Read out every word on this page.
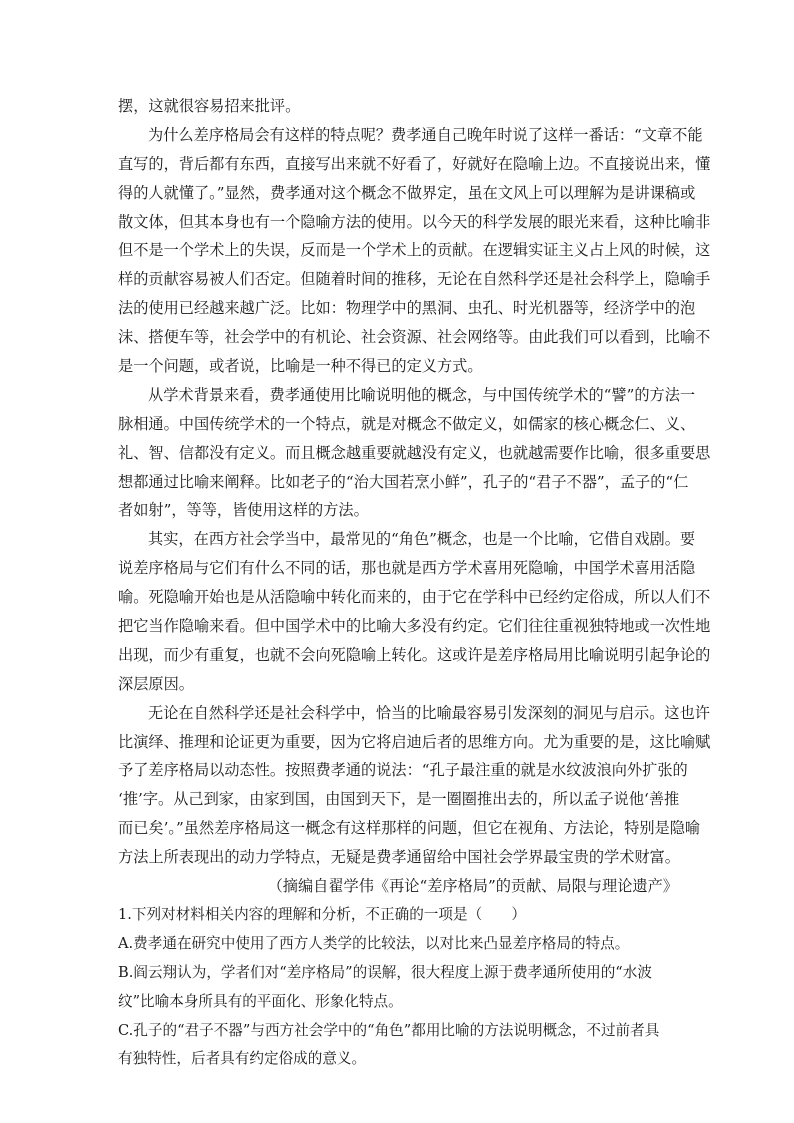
摆，这就很容易招来批评。
为什么差序格局会有这样的特点呢？费孝通自己晚年时说了这样一番话：“文章不能
直写的，背后都有东西，直接写出来就不好看了，好就好在隐喻上边。不直接说出来，懂
得的人就懂了。”显然，费孝通对这个概念不做界定，虽在文风上可以理解为是讲课稿或
散文体，但其本身也有一个隐喻方法的使用。以今天的科学发展的眼光来看，这种比喻非
但不是一个学术上的失误，反而是一个学术上的贡献。在逻辑实证主义占上风的时候，这
样的贡献容易被人们否定。但随着时间的推移，无论在自然科学还是社会科学上，隐喻手
法的使用已经越来越广泛。比如：物理学中的黑洞、虫孔、时光机器等，经济学中的泡
沫、搭便车等，社会学中的有机论、社会资源、社会网络等。由此我们可以看到，比喻不
是一个问题，或者说，比喻是一种不得已的定义方式。
从学术背景来看，费孝通使用比喻说明他的概念，与中国传统学术的“譬”的方法一
脉相通。中国传统学术的一个特点，就是对概念不做定义，如儒家的核心概念仁、义、
礼、智、信都没有定义。而且概念越重要就越没有定义，也就越需要作比喻，很多重要思
想都通过比喻来阐释。比如老子的“治大国若烹小鲜”，孔子的“君子不器”，孟子的“仁
者如射”，等等，皆使用这样的方法。
其实，在西方社会学当中，最常见的“角色”概念，也是一个比喻，它借自戏剧。要
说差序格局与它们有什么不同的话，那也就是西方学术喜用死隐喻，中国学术喜用活隐
喻。死隐喻开始也是从活隐喻中转化而来的，由于它在学科中已经约定俗成，所以人们不
把它当作隐喻来看。但中国学术中的比喻大多没有约定。它们往往重视独特地或一次性地
出现，而少有重复，也就不会向死隐喻上转化。这或许是差序格局用比喻说明引起争论的
深层原因。
无论在自然科学还是社会科学中，恰当的比喻最容易引发深刻的洞见与启示。这也许
比演绎、推理和论证更为重要，因为它将启迪后者的思维方向。尤为重要的是，这比喻赋
予了差序格局以动态性。按照费孝通的说法：“孔子最注重的就是水纹波浪向外扩张的
‘推’字。从己到家，由家到国，由国到天下，是一圈圈推出去的，所以孟子说他‘善推
而已矣’。”虽然差序格局这一概念有这样那样的问题，但它在视角、方法论，特别是隐喻
方法上所表现出的动力学特点，无疑是费孝通留给中国社会学界最宝贵的学术财富。
（摘编自翟学伟《再论“差序格局”的贡献、局限与理论遗产》
1.下列对材料相关内容的理解和分析，不正确的一项是（　　）
A.费孝通在研究中使用了西方人类学的比较法，以对比来凸显差序格局的特点。
B.阎云翔认为，学者们对“差序格局”的误解，很大程度上源于费孝通所使用的“水波
纹”比喻本身所具有的平面化、形象化特点。
C.孔子的“君子不器”与西方社会学中的“角色”都用比喻的方法说明概念，不过前者具
有独特性，后者具有约定俗成的意义。
